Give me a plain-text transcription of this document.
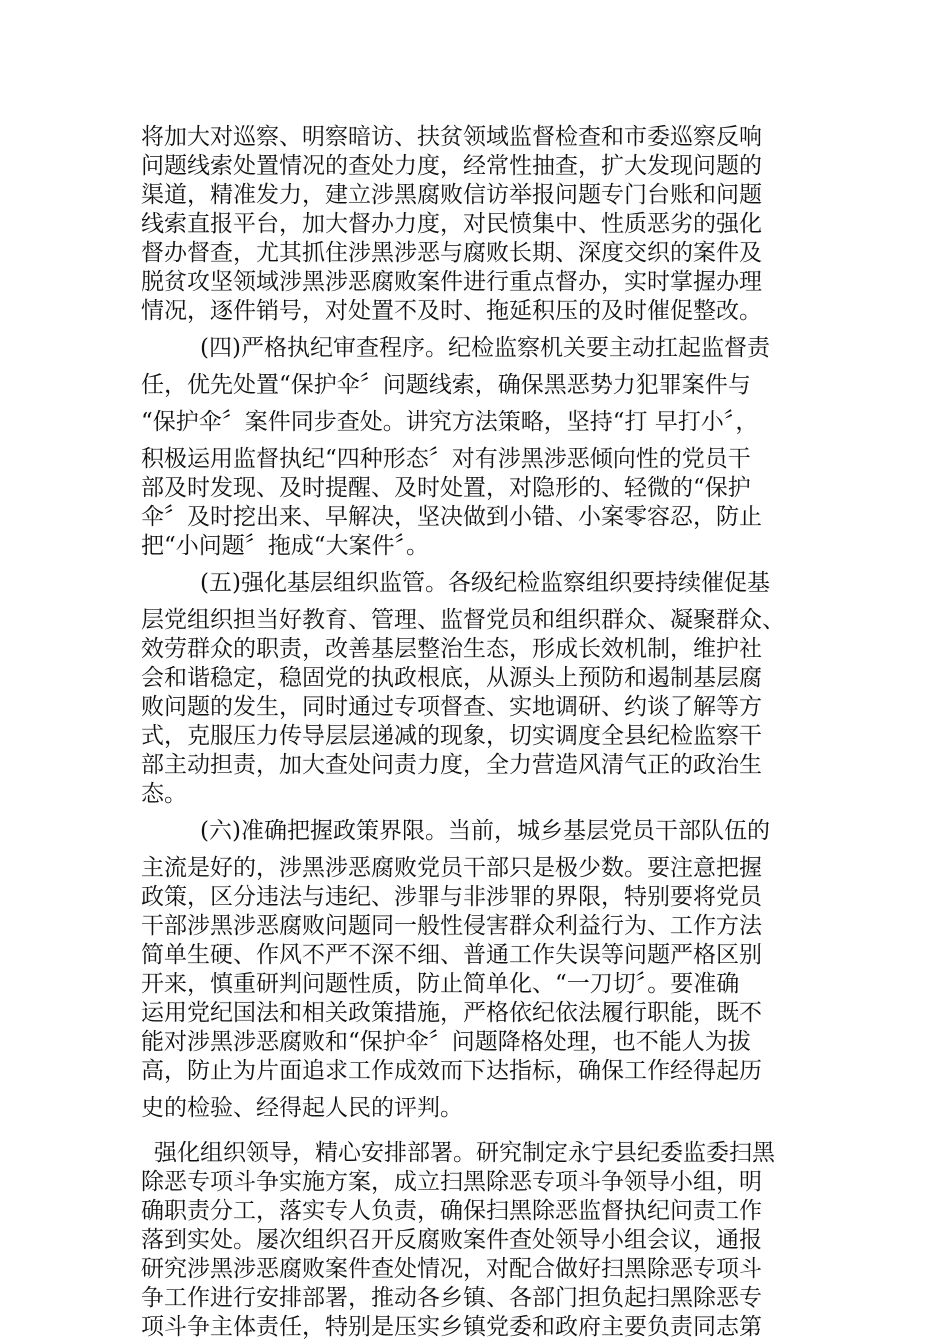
将加大对巡察、明察暗访、扶贫领域监督检查和市委巡察反响
问题线索处置情况的查处力度，经常性抽查，扩大发现问题的
渠道，精准发力，建立涉黑腐败信访举报问题专门台账和问题
线索直报平台，加大督办力度，对民愤集中、性质恶劣的强化
督办督查，尤其抓住涉黑涉恶与腐败长期、深度交织的案件及
脱贫攻坚领域涉黑涉恶腐败案件进行重点督办，实时掌握办理
情况，逐件销号，对处置不及时、拖延积压的及时催促整改。
(四)严格执纪审查程序。纪检监察机关要主动扛起监督责
任，优先处置“保护伞〞问题线索，确保黑恶势力犯罪案件与
“保护伞〞案件同步查处。讲究方法策略，坚持“打 早打小〞，
积极运用监督执纪“四种形态〞对有涉黑涉恶倾向性的党员干
部及时发现、及时提醒、及时处置，对隐形的、轻微的“保护
伞〞及时挖出来、早解决，坚决做到小错、小案零容忍，防止
把“小问题〞拖成“大案件〞。
(五)强化基层组织监管。各级纪检监察组织要持续催促基
层党组织担当好教育、管理、监督党员和组织群众、凝聚群众、
效劳群众的职责，改善基层整治生态，形成长效机制，维护社
会和谐稳定，稳固党的执政根底，从源头上预防和遏制基层腐
败问题的发生，同时通过专项督查、实地调研、约谈了解等方
式，克服压力传导层层递减的现象，切实调度全县纪检监察干
部主动担责，加大查处问责力度，全力营造风清气正的政治生
态。
(六)准确把握政策界限。当前，城乡基层党员干部队伍的
主流是好的，涉黑涉恶腐败党员干部只是极少数。要注意把握
政策，区分违法与违纪、涉罪与非涉罪的界限，特别要将党员
干部涉黑涉恶腐败问题同一般性侵害群众利益行为、工作方法
简单生硬、作风不严不深不细、普通工作失误等问题严格区别
开来，慎重研判问题性质，防止简单化、“一刀切〞。要准确
运用党纪国法和相关政策措施，严格依纪依法履行职能，既不
能对涉黑涉恶腐败和“保护伞〞问题降格处理，也不能人为拔
高，防止为片面追求工作成效而下达指标，确保工作经得起历
史的检验、经得起人民的评判。
强化组织领导，精心安排部署。研究制定永宁县纪委监委扫黑
除恶专项斗争实施方案，成立扫黑除恶专项斗争领导小组，明
确职责分工，落实专人负责，确保扫黑除恶监督执纪问责工作
落到实处。屡次组织召开反腐败案件查处领导小组会议，通报
研究涉黑涉恶腐败案件查处情况，对配合做好扫黑除恶专项斗
争工作进行安排部署，推动各乡镇、各部门担负起扫黑除恶专
项斗争主体责任，特别是压实乡镇党委和政府主要负责同志第
